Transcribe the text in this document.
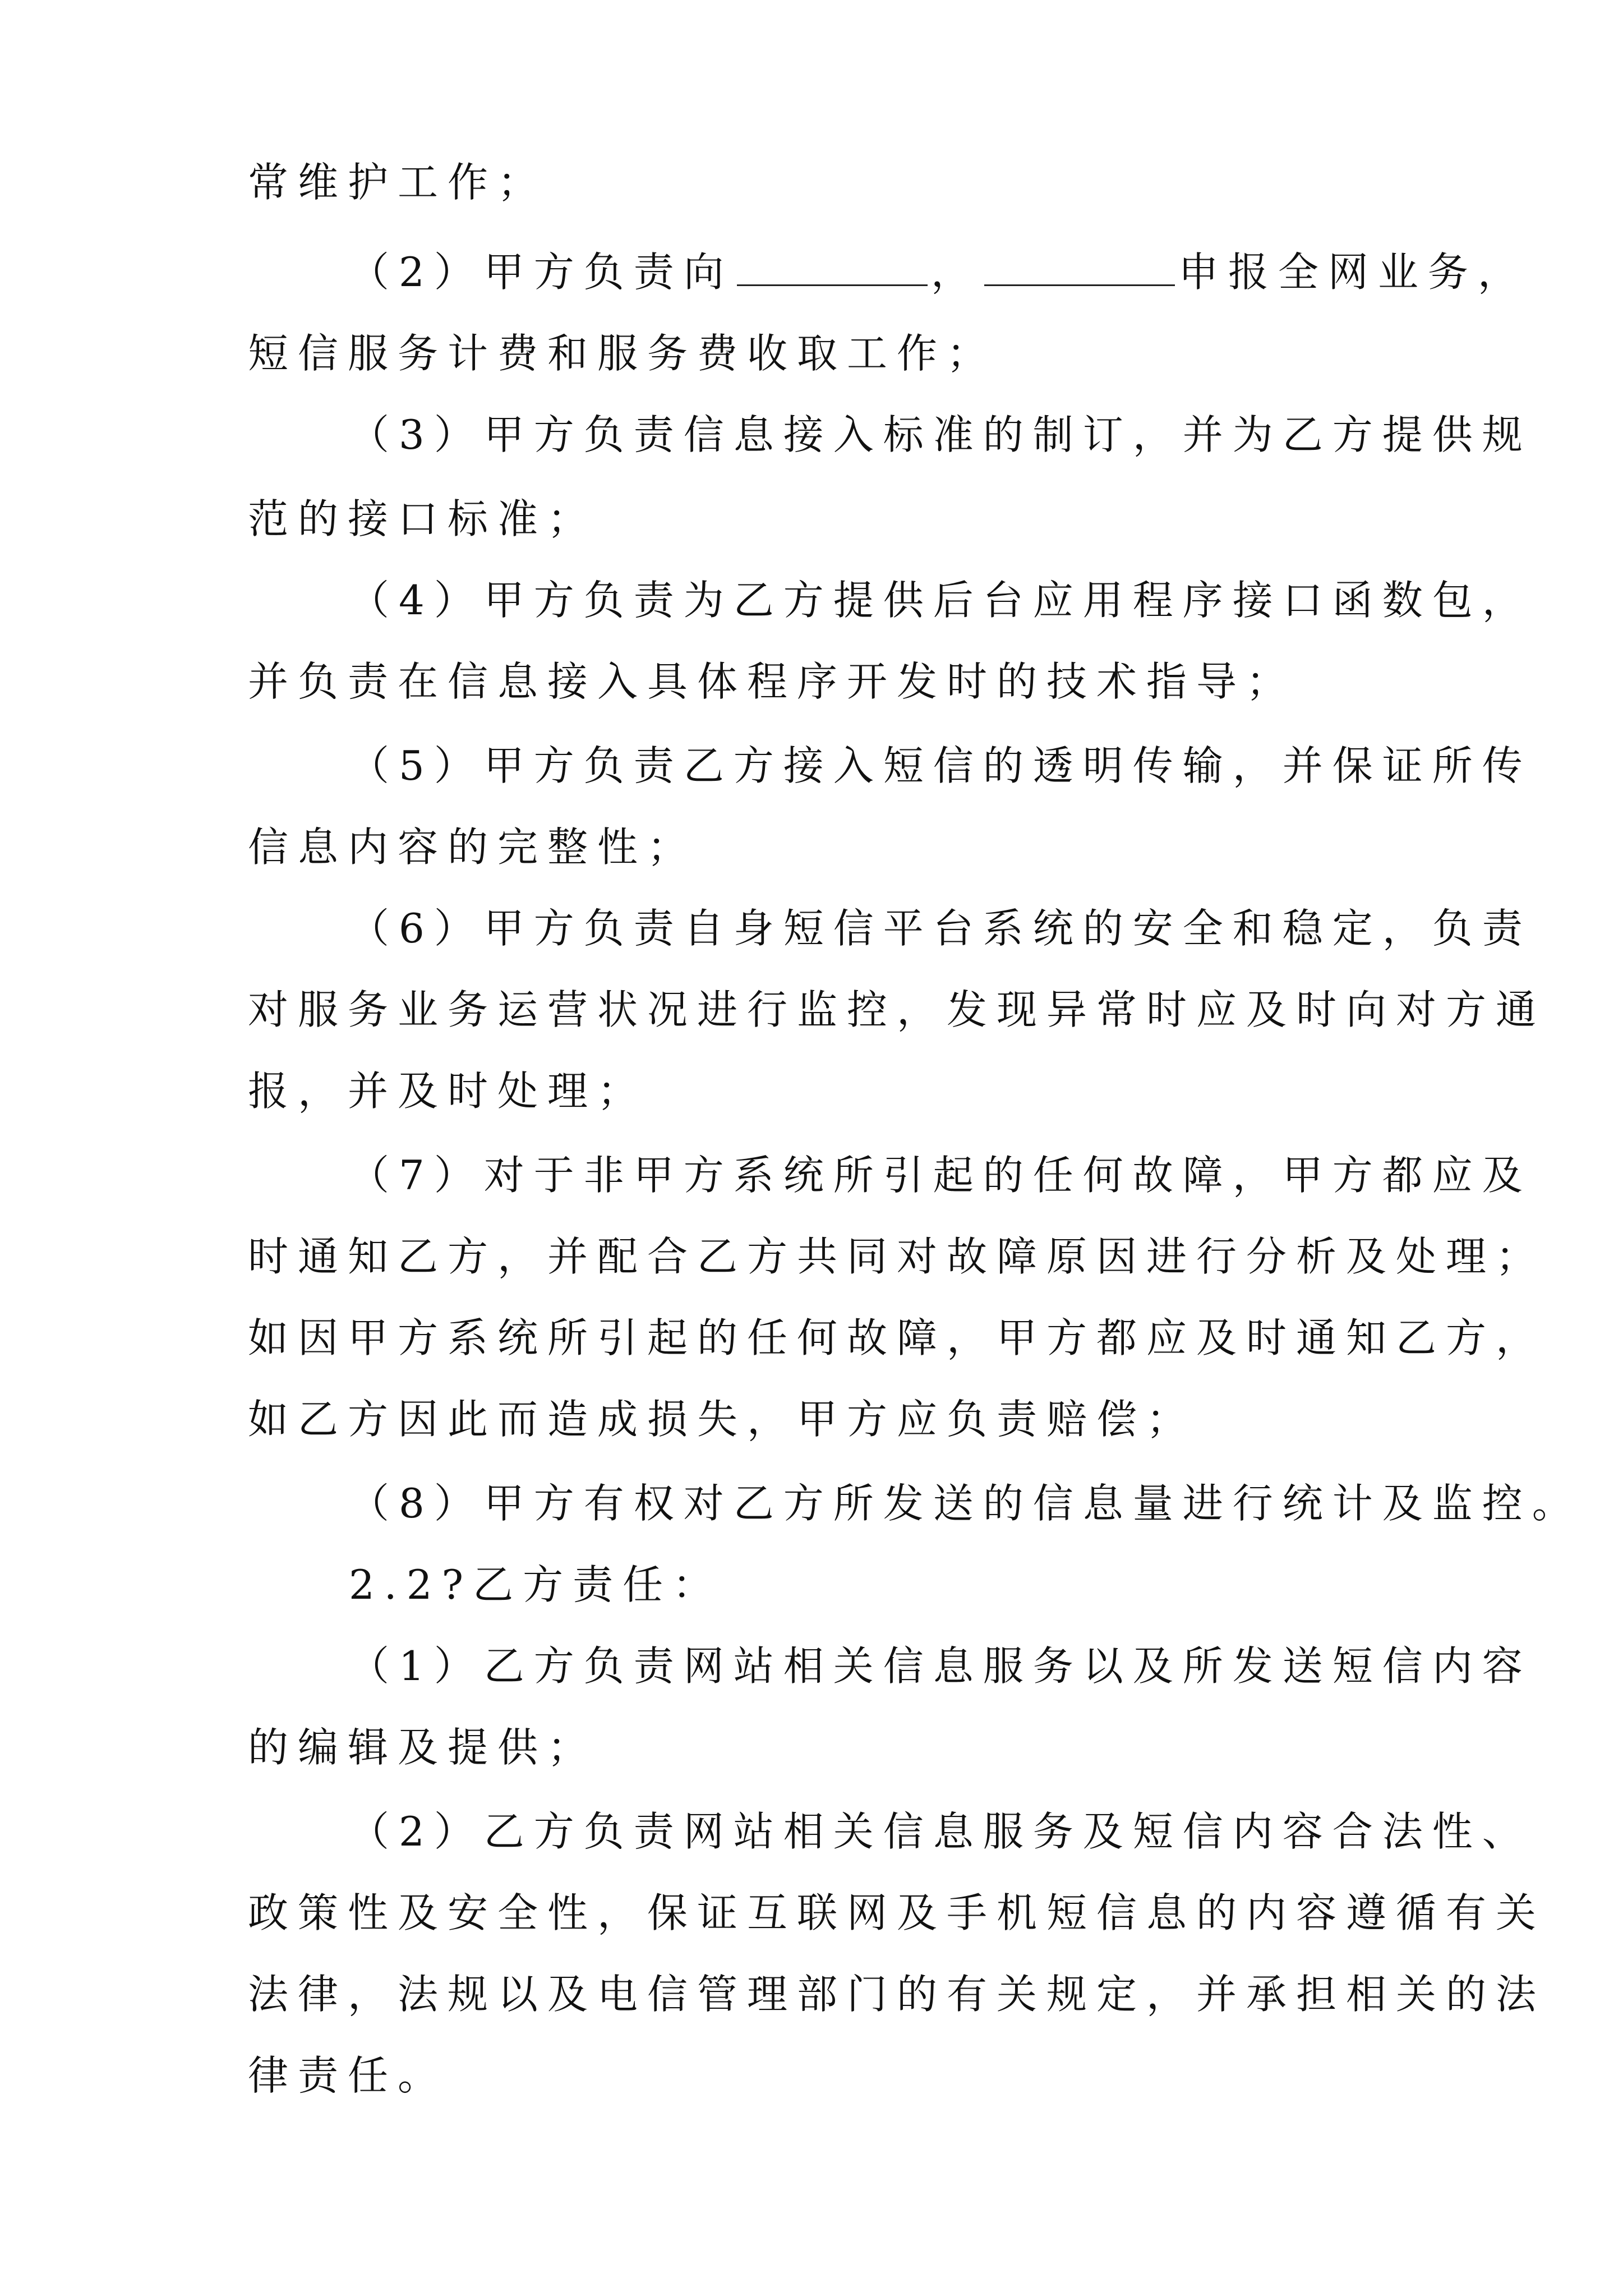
常维护工作；
（2）甲方负责向	，	申报全网业务，
短信服务计费和服务费收取工作；
（3）甲方负责信息接入标准的制订，并为乙方提供规
范的接口标准；
（4）甲方负责为乙方提供后台应用程序接口函数包，
并负责在信息接入具体程序开发时的技术指导；
（5）甲方负责乙方接入短信的透明传输，并保证所传
信息内容的完整性；
（6）甲方负责自身短信平台系统的安全和稳定，负责
对服务业务运营状况进行监控，发现异常时应及时向对方通
报，并及时处理；
（7）对于非甲方系统所引起的任何故障，甲方都应及
时通知乙方，并配合乙方共同对故障原因进行分析及处理；
如因甲方系统所引起的任何故障，甲方都应及时通知乙方，
如乙方因此而造成损失，甲方应负责赔偿；
（8）甲方有权对乙方所发送的信息量进行统计及监控。
2.2?乙方责任：
（1）乙方负责网站相关信息服务以及所发送短信内容
的编辑及提供；
（2）乙方负责网站相关信息服务及短信内容合法性、
政策性及安全性，保证互联网及手机短信息的内容遵循有关
法律，法规以及电信管理部门的有关规定，并承担相关的法
律责任。
